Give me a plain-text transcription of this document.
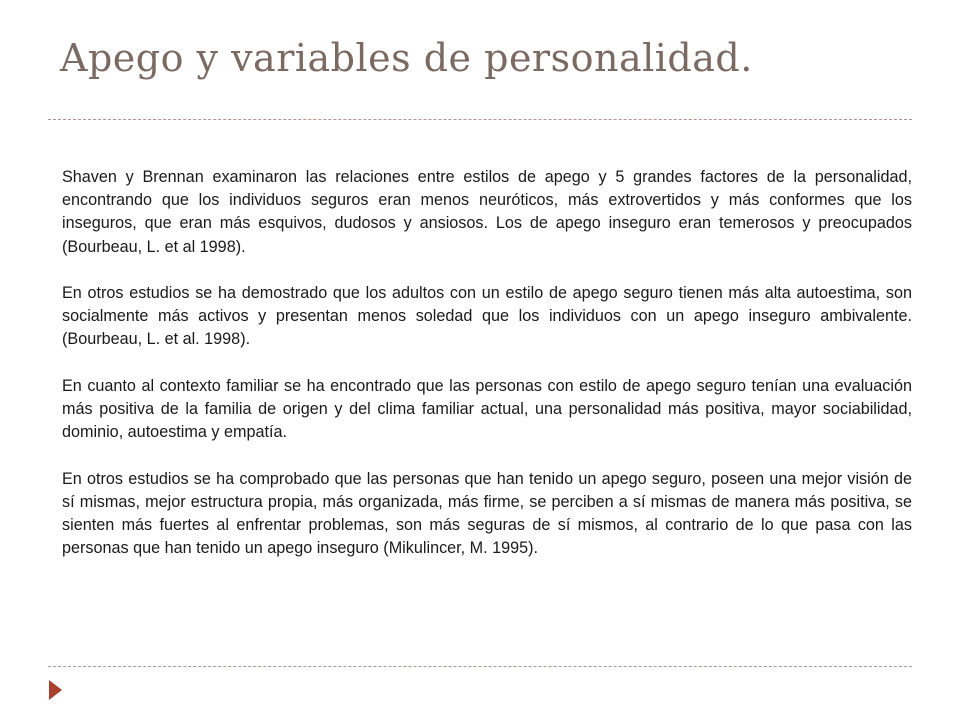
Apego y variables de personalidad.

Shaven y Brennan examinaron las relaciones entre estilos de apego y 5 grandes factores de la personalidad, encontrando que los individuos seguros eran menos neuróticos, más extrovertidos y más conformes que los inseguros, que eran más esquivos, dudosos y ansiosos. Los de apego inseguro eran temerosos y preocupados (Bourbeau, L. et al 1998).

En otros estudios se ha demostrado que los adultos con un estilo de apego seguro tienen más alta autoestima, son socialmente más activos y presentan menos soledad que los individuos con un apego inseguro ambivalente. (Bourbeau, L. et al. 1998).

En cuanto al contexto familiar se ha encontrado que las personas con estilo de apego seguro tenían una evaluación más positiva de la familia de origen y del clima familiar actual, una personalidad más positiva, mayor sociabilidad, dominio, autoestima y empatía.

En otros estudios se ha comprobado que las personas que han tenido un apego seguro, poseen una mejor visión de sí mismas, mejor estructura propia, más organizada, más firme, se perciben a sí mismas de manera más positiva, se sienten más fuertes al enfrentar problemas, son más seguras de sí mismos, al contrario de lo que pasa con las personas que han tenido un apego inseguro (Mikulincer, M. 1995).
